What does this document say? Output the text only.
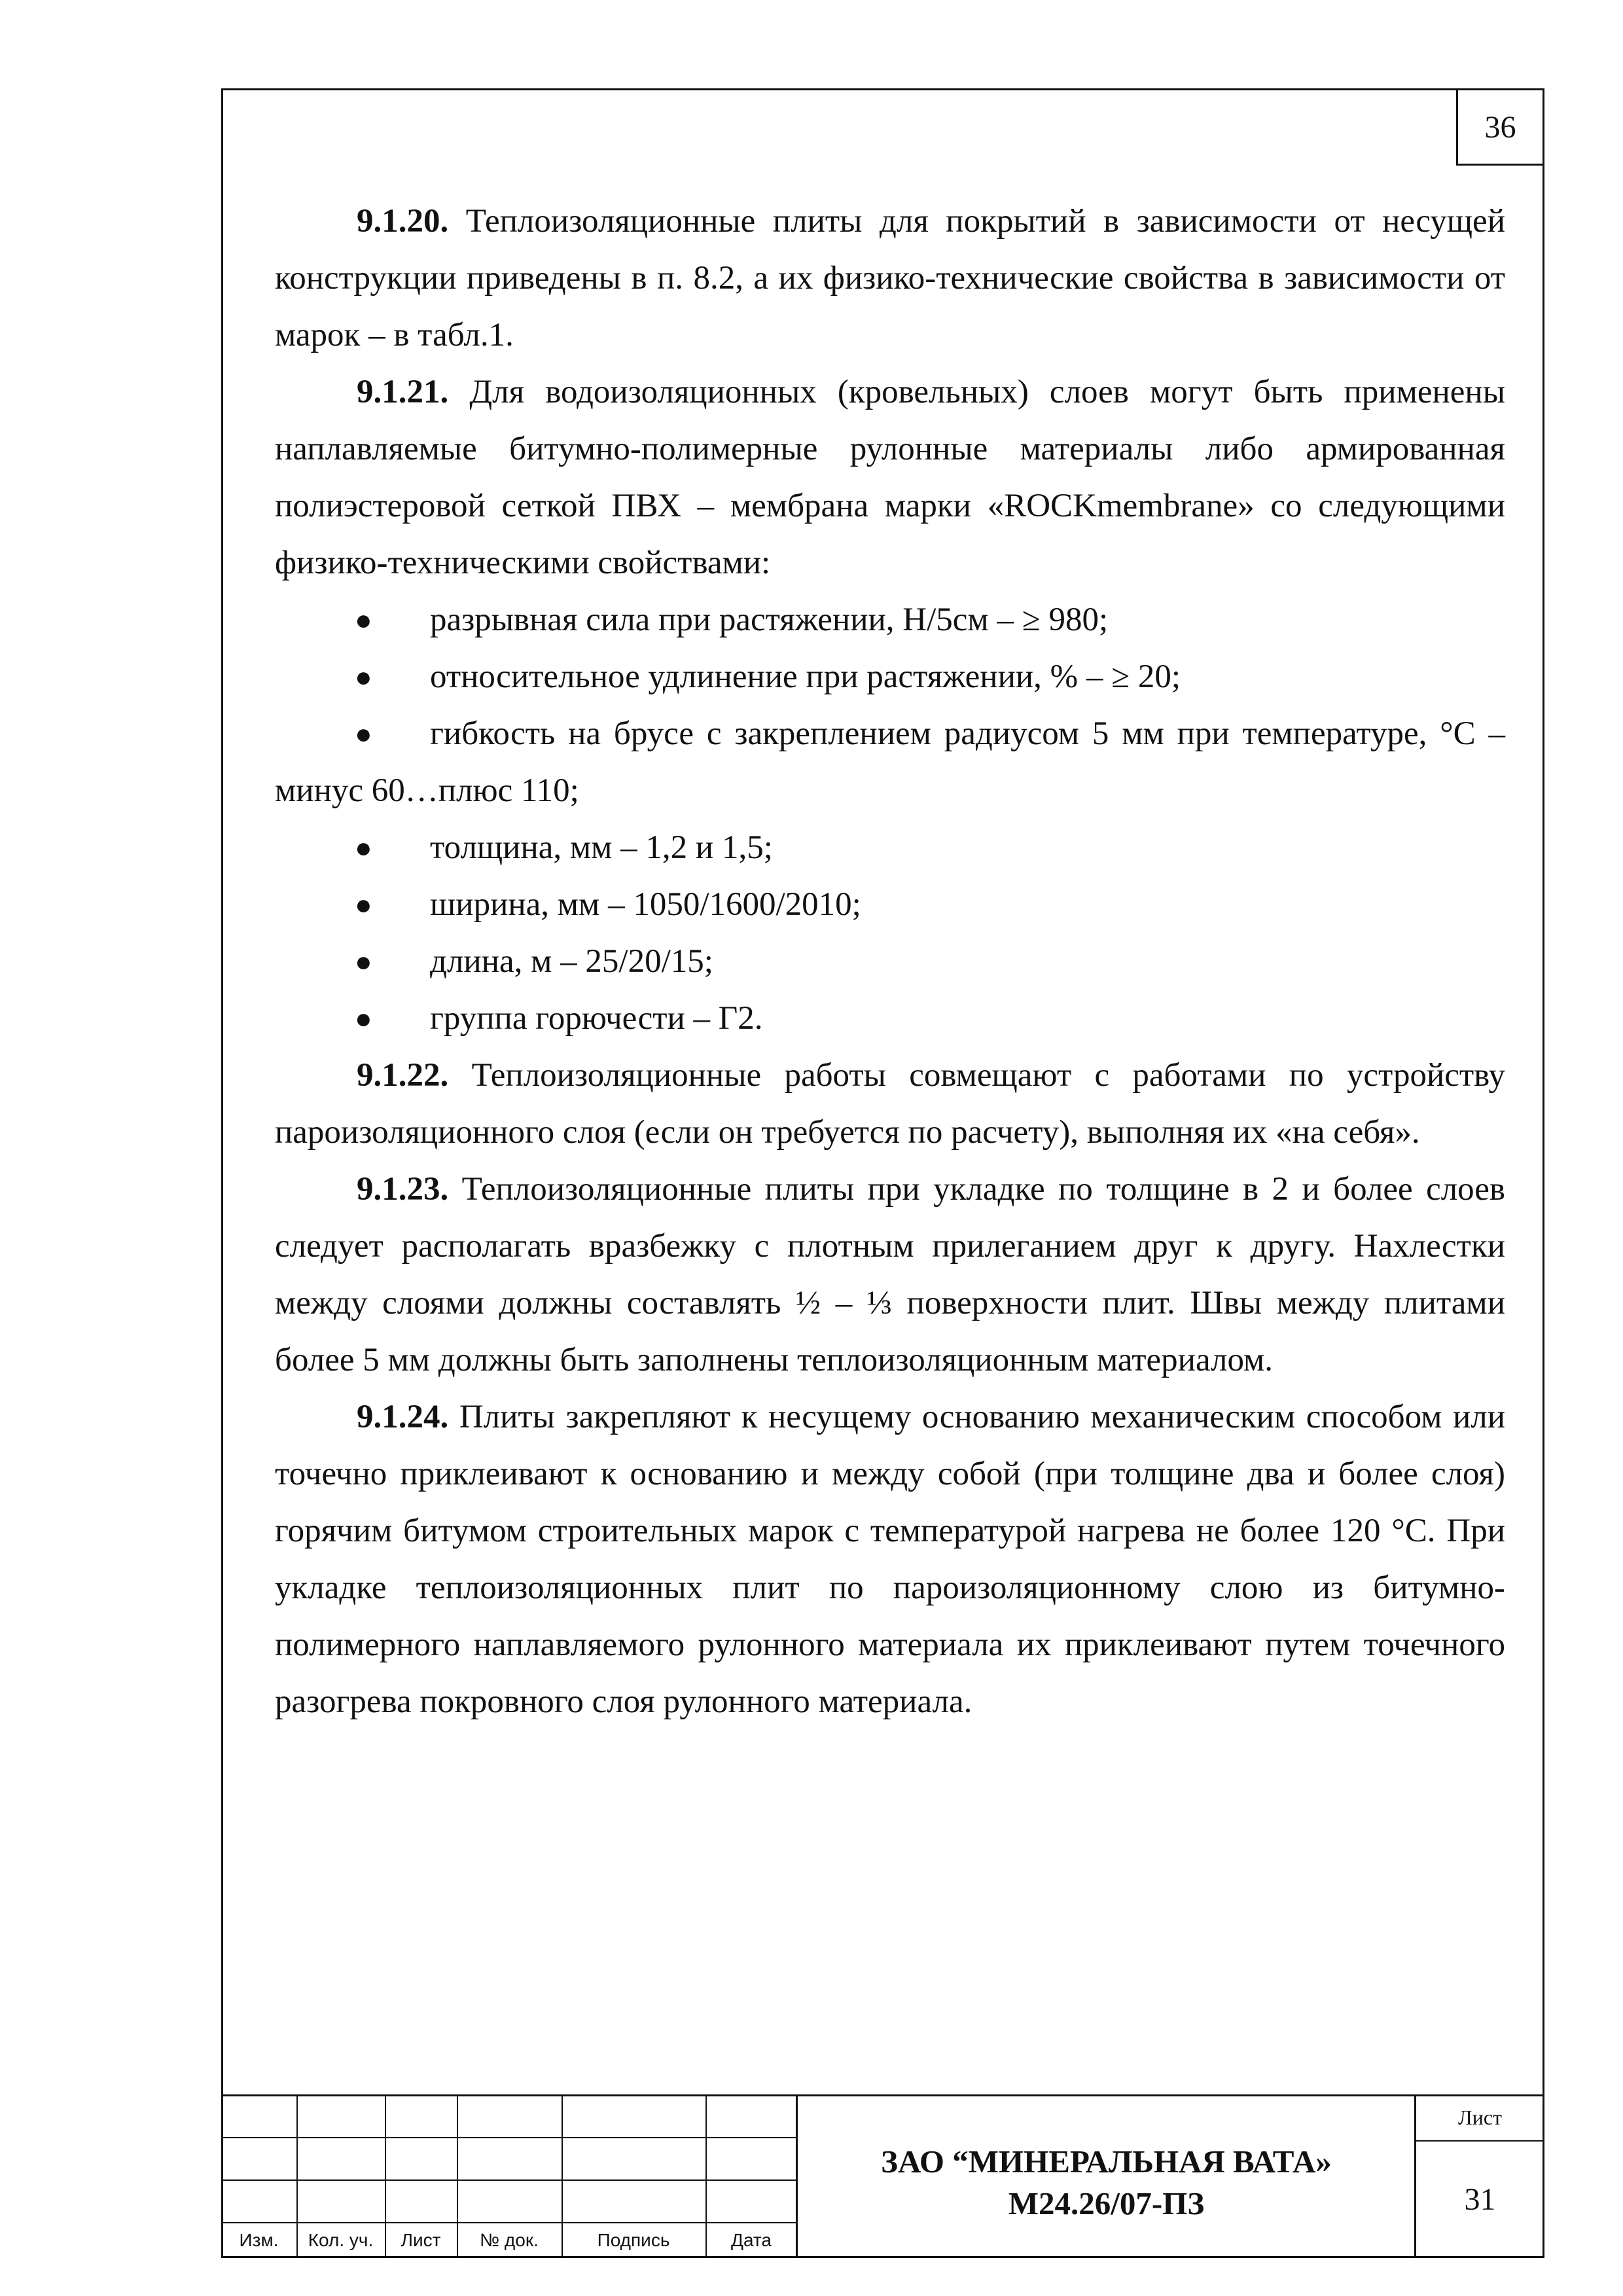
36

9.1.20. Теплоизоляционные плиты для покрытий в зависимости от несущей конструкции приведены в п. 8.2, а их физико-технические свойства в зависимости от марок – в табл.1.

9.1.21. Для водоизоляционных (кровельных) слоев могут быть применены наплавляемые битумно-полимерные рулонные материалы либо армированная полиэстеровой сеткой ПВХ – мембрана марки «ROCKmembrane» со следующими физико-техническими свойствами:

● разрывная сила при растяжении, Н/5см – ≥ 980;

● относительное удлинение при растяжении, % – ≥ 20;

● гибкость на брусе с закреплением радиусом 5 мм при температуре, °С – минус 60…плюс 110;

● толщина, мм – 1,2 и 1,5;

● ширина, мм – 1050/1600/2010;

● длина, м – 25/20/15;

● группа горючести – Г2.

9.1.22. Теплоизоляционные работы совмещают с работами по устройству пароизоляционного слоя (если он требуется по расчету), выполняя их «на себя».

9.1.23. Теплоизоляционные плиты при укладке по толщине в 2 и более слоев следует располагать вразбежку с плотным прилеганием друг к другу. Нахлестки между слоями должны составлять ½ – ⅓ поверхности плит. Швы между плитами более 5 мм должны быть заполнены теплоизоляционным материалом.

9.1.24. Плиты закрепляют к несущему основанию механическим способом или точечно приклеивают к основанию и между собой (при толщине два и более слоя) горячим битумом строительных марок с температурой нагрева не более 120 °С. При укладке теплоизоляционных плит по пароизоляционному слою из битумно-полимерного наплавляемого рулонного материала их приклеивают путем точечного разогрева покровного слоя рулонного материала.

Изм.	Кол. уч.	Лист	№ док.	Подпись	Дата
ЗАО “МИНЕРАЛЬНАЯ ВАТА»
М24.26/07-ПЗ
Лист
31
